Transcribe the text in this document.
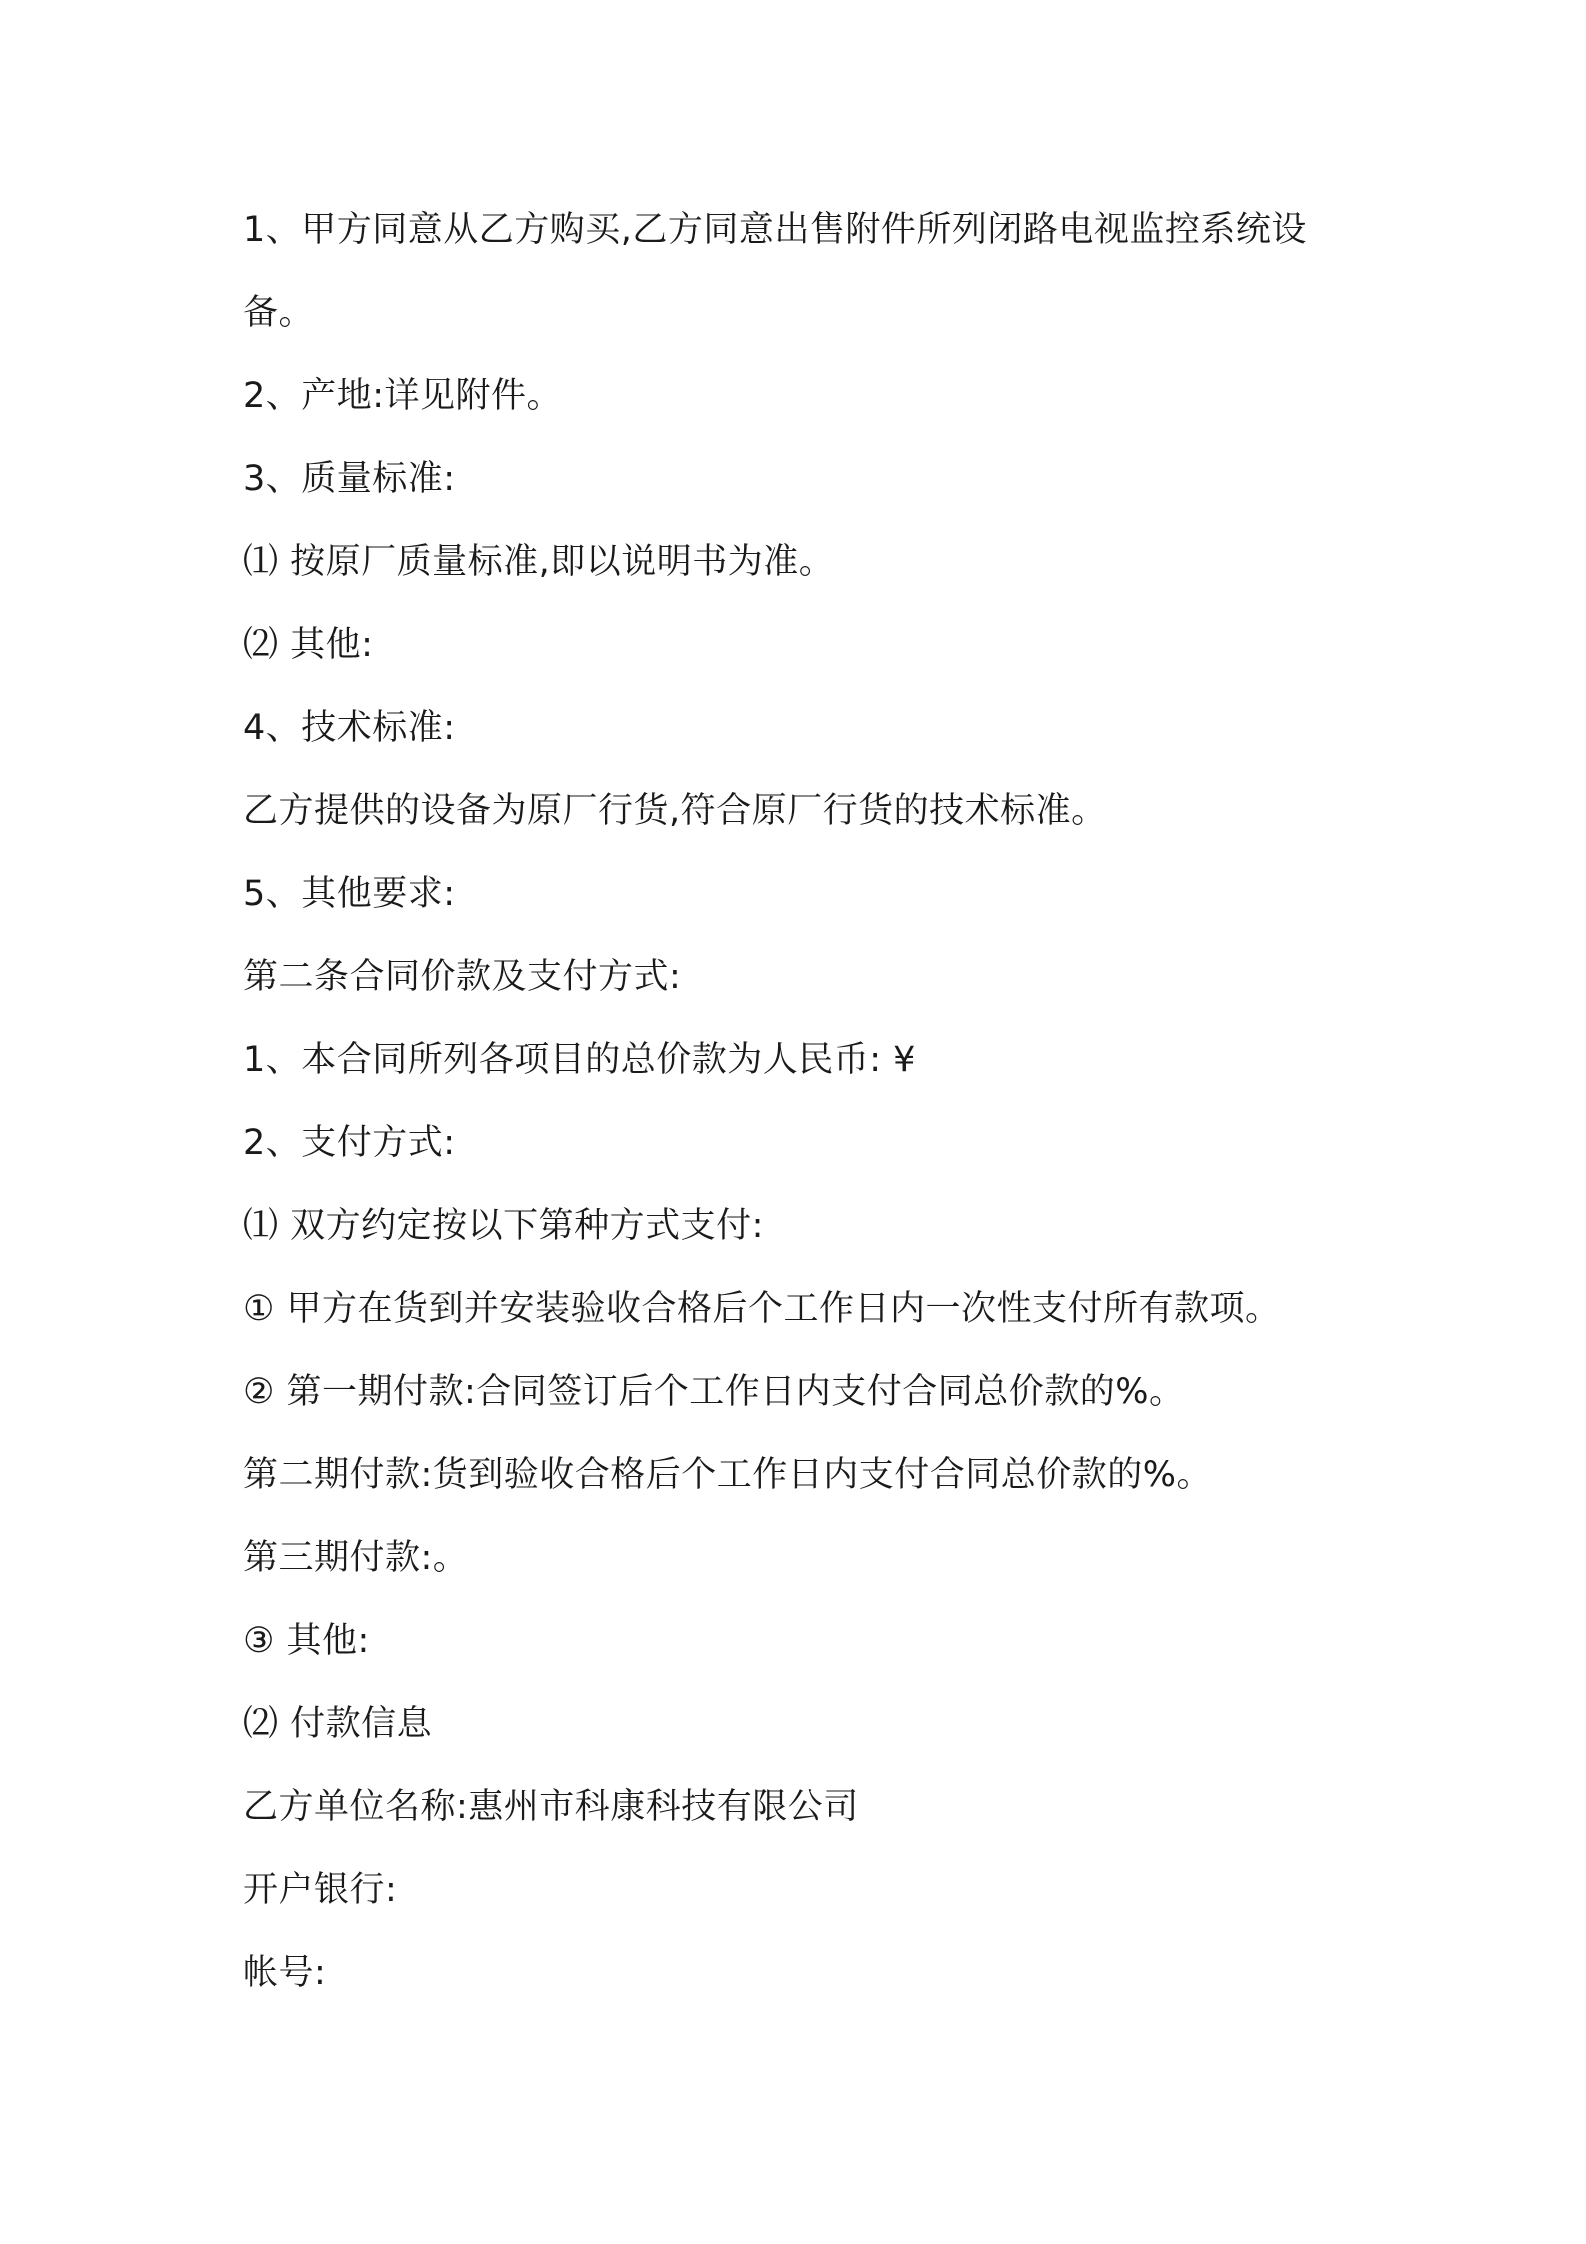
1、甲方同意从乙方购买,乙方同意出售附件所列闭路电视监控系统设
备。
2、产地:详见附件。
3、质量标准:
⑴ 按原厂质量标准,即以说明书为准。
⑵ 其他:
4、技术标准:
乙方提供的设备为原厂行货,符合原厂行货的技术标准。
5、其他要求:
第二条合同价款及支付方式:
1、本合同所列各项目的总价款为人民币: ¥
2、支付方式:
⑴ 双方约定按以下第种方式支付:
① 甲方在货到并安装验收合格后个工作日内一次性支付所有款项。
② 第一期付款:合同签订后个工作日内支付合同总价款的%。
第二期付款:货到验收合格后个工作日内支付合同总价款的%。
第三期付款:。
③ 其他:
⑵ 付款信息
乙方单位名称:惠州市科康科技有限公司
开户银行:
帐号:
